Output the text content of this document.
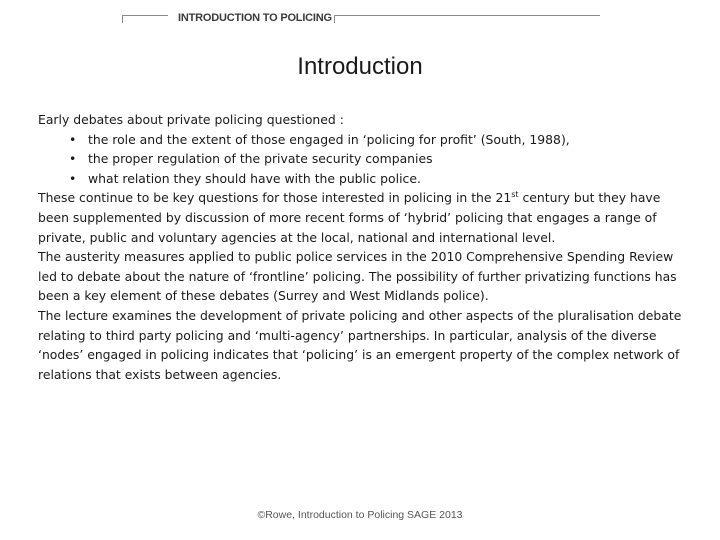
INTRODUCTION TO POLICING
Introduction

Early debates about private policing questioned :

• the role and the extent of those engaged in ‘policing for profit’ (South, 1988),
• the proper regulation of the private security companies
• what relation they should have with the public police.

These continue to be key questions for those interested in policing in the 21st century but they have been supplemented by discussion of more recent forms of ‘hybrid’ policing that engages a range of private, public and voluntary agencies at the local, national and international level.

The austerity measures applied to public police services in the 2010 Comprehensive Spending Review led to debate about the nature of ‘frontline’ policing. The possibility of further privatizing functions has been a key element of these debates (Surrey and West Midlands police).

The lecture examines the development of private policing and other aspects of the pluralisation debate relating to third party policing and ‘multi-agency’ partnerships. In particular, analysis of the diverse ‘nodes’ engaged in policing indicates that ‘policing’ is an emergent property of the complex network of relations that exists between agencies.

©Rowe, Introduction to Policing SAGE 2013
